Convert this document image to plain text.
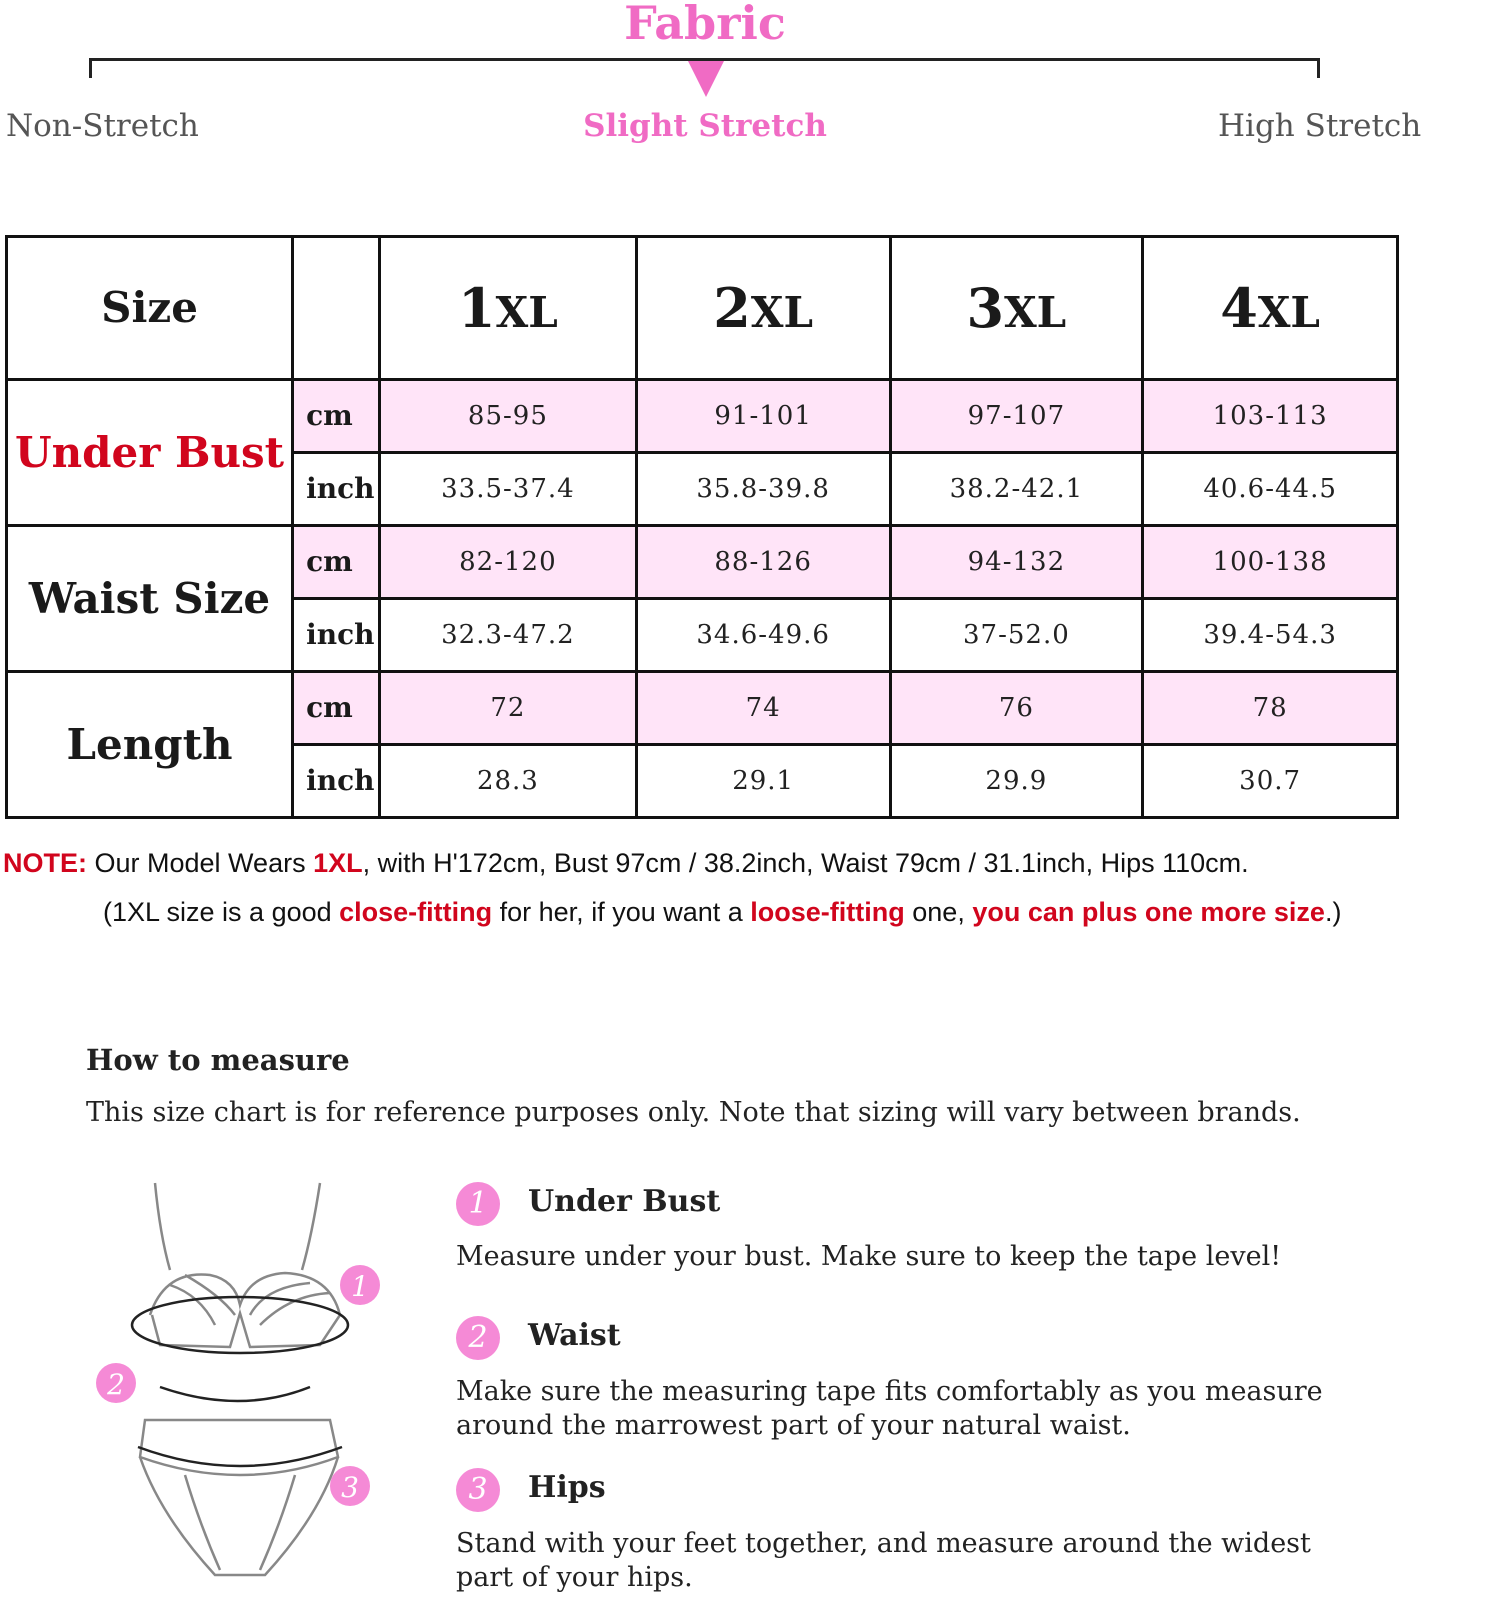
Fabric
Non-Stretch	Slight Stretch	High Stretch
Size		1XL	2XL	3XL	4XL
Under Bust	cm	85-95	91-101	97-107	103-113
	inch	33.5-37.4	35.8-39.8	38.2-42.1	40.6-44.5
Waist Size	cm	82-120	88-126	94-132	100-138
	inch	32.3-47.2	34.6-49.6	37-52.0	39.4-54.3
Length	cm	72	74	76	78
	inch	28.3	29.1	29.9	30.7
NOTE: Our Model Wears 1XL, with H'172cm, Bust 97cm / 38.2inch, Waist 79cm / 31.1inch, Hips 110cm.
(1XL size is a good close-fitting for her, if you want a loose-fitting one, you can plus one more size.)
How to measure
This size chart is for reference purposes only. Note that sizing will vary between brands.
1
2
3
1	Under Bust
Measure under your bust. Make sure to keep the tape level!
2	Waist
Make sure the measuring tape fits comfortably as you measure around the marrowest part of your natural waist.
3	Hips
Stand with your feet together, and measure around the widest part of your hips.
